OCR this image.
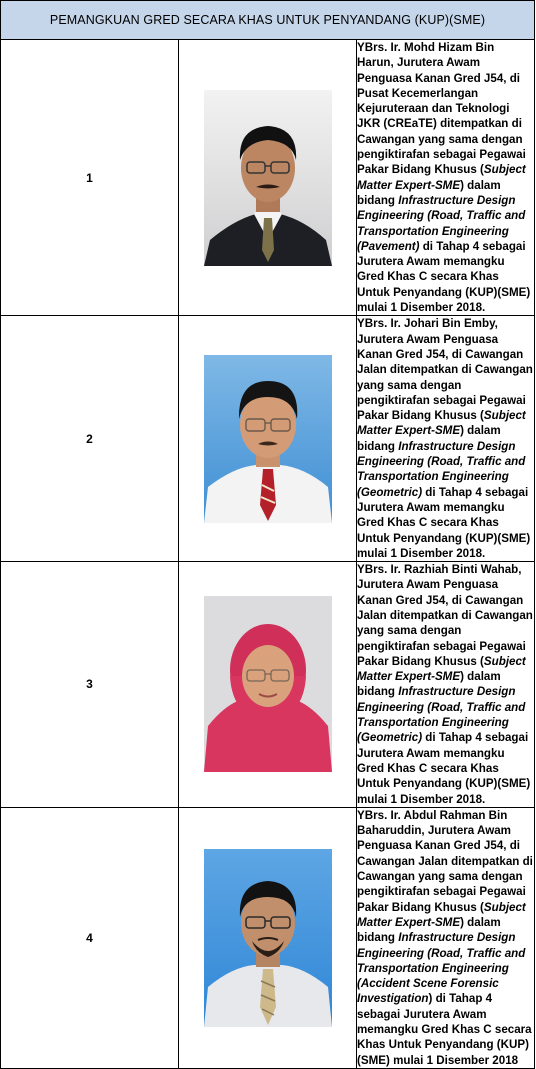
PEMANGKUAN GRED SECARA KHAS UNTUK PENYANDANG (KUP)(SME)		
1		YBrs. Ir. Mohd Hizam Bin Harun, Jurutera Awam Penguasa Kanan Gred J54, di Pusat Kecemerlangan Kejuruteraan dan Teknologi JKR (CREaTE) ditempatkan di Cawangan yang sama dengan pengiktirafan sebagai Pegawai Pakar Bidang Khusus (Subject Matter Expert-SME) dalam bidang Infrastructure Design Engineering (Road, Traffic and Transportation Engineering (Pavement) di Tahap 4 sebagai Jurutera Awam memangku Gred Khas C secara Khas Untuk Penyandang (KUP)(SME) mulai 1 Disember 2018.
2		YBrs. Ir. Johari Bin Emby, Jurutera Awam Penguasa Kanan Gred J54, di Cawangan Jalan ditempatkan di Cawangan yang sama dengan pengiktirafan sebagai Pegawai Pakar Bidang Khusus (Subject Matter Expert-SME) dalam bidang Infrastructure Design Engineering (Road, Traffic and Transportation Engineering (Geometric) di Tahap 4 sebagai Jurutera Awam memangku Gred Khas C secara Khas Untuk Penyandang (KUP)(SME) mulai 1 Disember 2018.
3		YBrs. Ir. Razhiah Binti Wahab, Jurutera Awam Penguasa Kanan Gred J54, di Cawangan Jalan ditempatkan di Cawangan yang sama dengan pengiktirafan sebagai Pegawai Pakar Bidang Khusus (Subject Matter Expert-SME) dalam bidang Infrastructure Design Engineering (Road, Traffic and Transportation Engineering (Geometric) di Tahap 4 sebagai Jurutera Awam memangku Gred Khas C secara Khas Untuk Penyandang (KUP)(SME) mulai 1 Disember 2018.
4		YBrs. Ir. Abdul Rahman Bin Baharuddin, Jurutera Awam Penguasa Kanan Gred J54, di Cawangan Jalan ditempatkan di Cawangan yang sama dengan pengiktirafan sebagai Pegawai Pakar Bidang Khusus (Subject Matter Expert-SME) dalam bidang Infrastructure Design Engineering (Road, Traffic and Transportation Engineering (Accident Scene Forensic Investigation) di Tahap 4 sebagai Jurutera Awam memangku Gred Khas C secara Khas Untuk Penyandang (KUP)(SME) mulai 1 Disember 2018
